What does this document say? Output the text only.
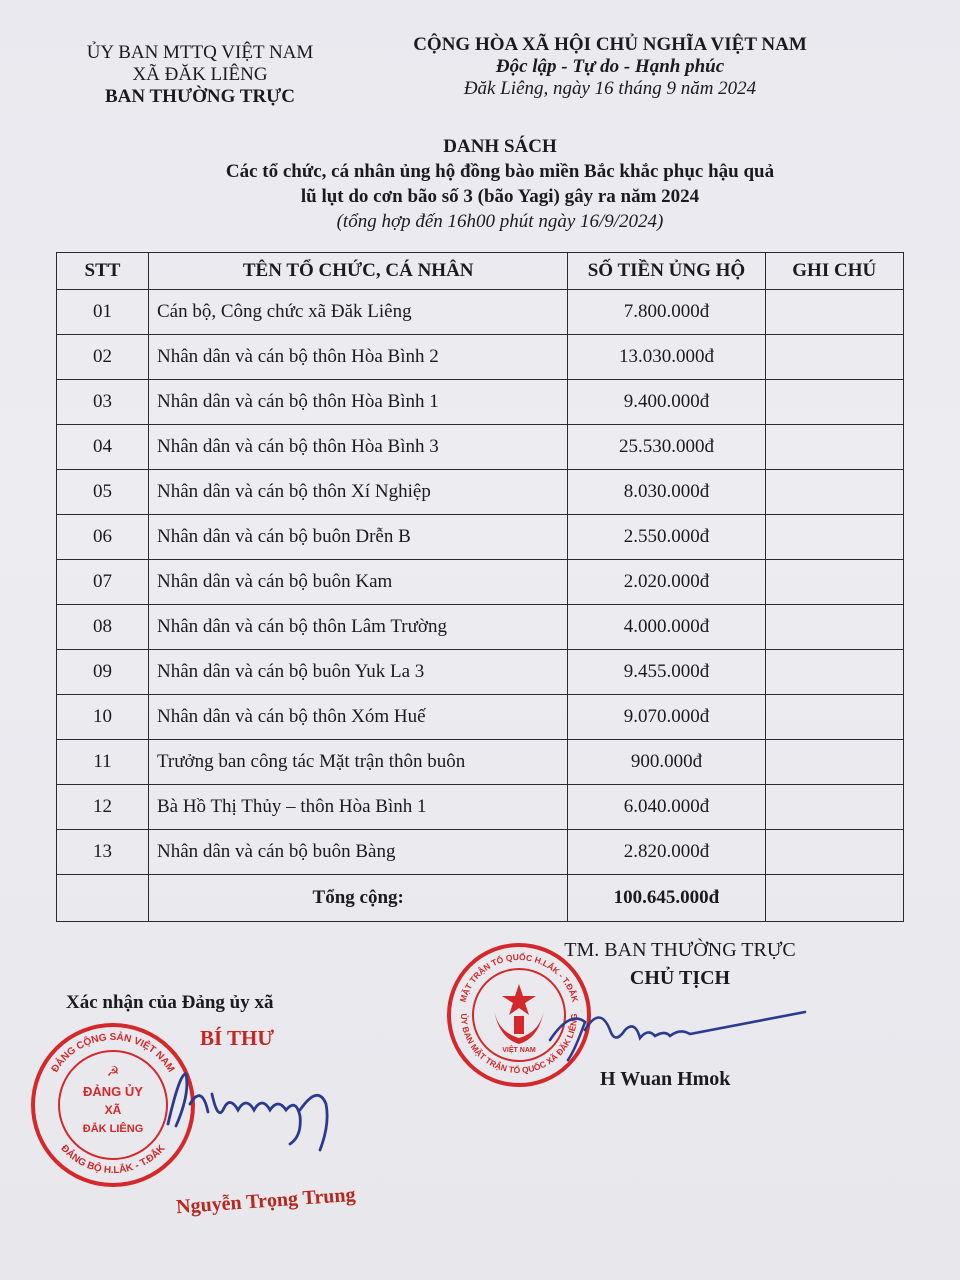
ỦY BAN MTTQ VIỆT NAM
XÃ ĐĂK LIÊNG
BAN THƯỜNG TRỰC
CỘNG HÒA XÃ HỘI CHỦ NGHĨA VIỆT NAM
Độc lập - Tự do - Hạnh phúc
Đăk Liêng, ngày 16 tháng 9 năm 2024
DANH SÁCH
Các tổ chức, cá nhân ủng hộ đồng bào miền Bắc khắc phục hậu quả
lũ lụt do cơn bão số 3 (bão Yagi) gây ra năm 2024
(tổng hợp đến 16h00 phút ngày 16/9/2024)
STT	TÊN TỔ CHỨC, CÁ NHÂN	SỐ TIỀN ỦNG HỘ	GHI CHÚ
01	Cán bộ, Công chức xã Đăk Liêng	7.800.000đ	
02	Nhân dân và cán bộ thôn Hòa Bình 2	13.030.000đ	
03	Nhân dân và cán bộ thôn Hòa Bình 1	9.400.000đ	
04	Nhân dân và cán bộ thôn Hòa Bình 3	25.530.000đ	
05	Nhân dân và cán bộ thôn Xí Nghiệp	8.030.000đ	
06	Nhân dân và cán bộ buôn Drễn B	2.550.000đ	
07	Nhân dân và cán bộ buôn Kam	2.020.000đ	
08	Nhân dân và cán bộ thôn Lâm Trường	4.000.000đ	
09	Nhân dân và cán bộ buôn Yuk La 3	9.455.000đ	
10	Nhân dân và cán bộ thôn Xóm Huế	9.070.000đ	
11	Trưởng ban công tác Mặt trận thôn buôn	900.000đ	
12	Bà Hồ Thị Thủy – thôn Hòa Bình 1	6.040.000đ	
13	Nhân dân và cán bộ buôn Bàng	2.820.000đ	
	Tổng cộng:	100.645.000đ	
MẶT TRẬN TỔ QUỐC H.LẮK - T.ĐẮK
ỦY BAN MẶT TRẬN TỔ QUỐC XÃ ĐĂK LIÊNG
VIỆT NAM
TM. BAN THƯỜNG TRỰC
CHỦ TỊCH
H Wuan Hmok
Xác nhận của Đảng ủy xã
BÍ THƯ
ĐẢNG CỘNG SẢN VIỆT NAM
ĐẢNG BỘ H.LẮK - T.ĐẮK
☭
ĐẢNG ỦY
XÃ
ĐẮK LIÊNG
Nguyễn Trọng Trung
